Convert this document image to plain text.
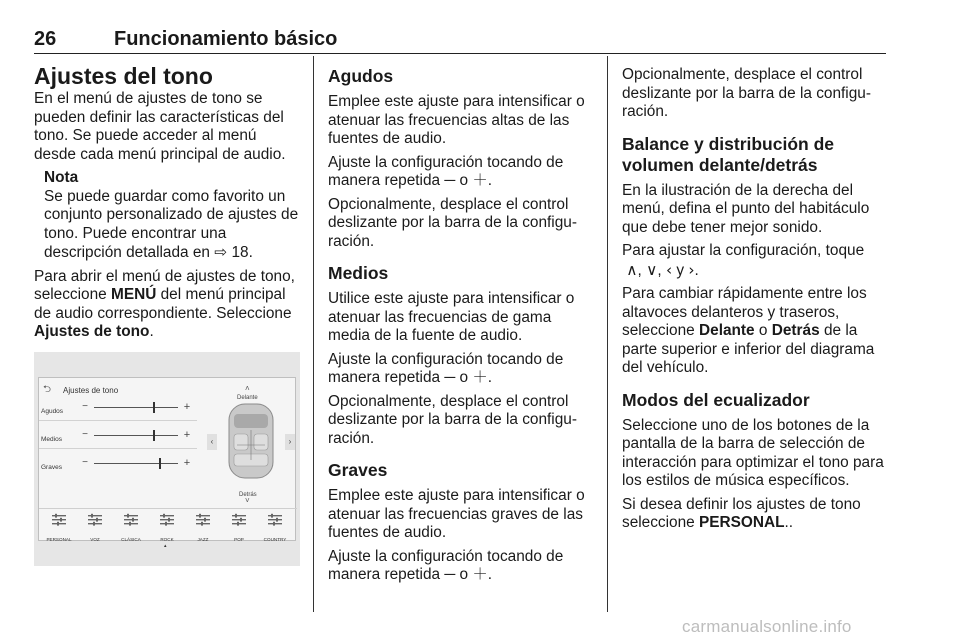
26	Funcionamiento básico
Ajustes del tono

En el menú de ajustes de tono se pueden definir las características del tono. Se puede acceder al menú desde cada menú principal de audio.

Nota
Se puede guardar como favorito un conjunto personalizado de ajustes de tono. Puede encontrar una descripción detallada en ⇨ 18.

Para abrir el menú de ajustes de tono, seleccione MENÚ del menú principal de audio correspondiente. Seleccione Ajustes de tono.

⮌ Ajustes de tono
Agudos	−	+
Medios	−	+
Graves	−	+
˄
Delante
‹	›
Detrás
˅
PERSONAL	VOZ	CLÁSICA	ROCK
▴
JAZZ	POP	COUNTRY
Agudos

Emplee este ajuste para intensificar o atenuar las frecuencias altas de las fuentes de audio.

Ajuste la configuración tocando de manera repetida ─ o ＋.

Opcionalmente, desplace el control deslizante por la barra de la configuración.

Medios

Utilice este ajuste para intensificar o atenuar las frecuencias de gama media de la fuente de audio.

Ajuste la configuración tocando de manera repetida ─ o ＋.

Opcionalmente, desplace el control deslizante por la barra de la configuración.

Graves

Emplee este ajuste para intensificar o atenuar las frecuencias graves de las fuentes de audio.

Ajuste la configuración tocando de manera repetida ─ o ＋.

Opcionalmente, desplace el control deslizante por la barra de la configuración.

Balance y distribución de volumen delante/detrás

En la ilustración de la derecha del menú, defina el punto del habitáculo que debe tener mejor sonido.

Para ajustar la configuración, toque
∧, ∨, ‹ y ›.

Para cambiar rápidamente entre los altavoces delanteros y traseros, seleccione Delante o Detrás de la parte superior e inferior del diagrama del vehículo.

Modos del ecualizador

Seleccione uno de los botones de la pantalla de la barra de selección de interacción para optimizar el tono para los estilos de música específicos.

Si desea definir los ajustes de tono seleccione PERSONAL..

carmanualsonline.info
